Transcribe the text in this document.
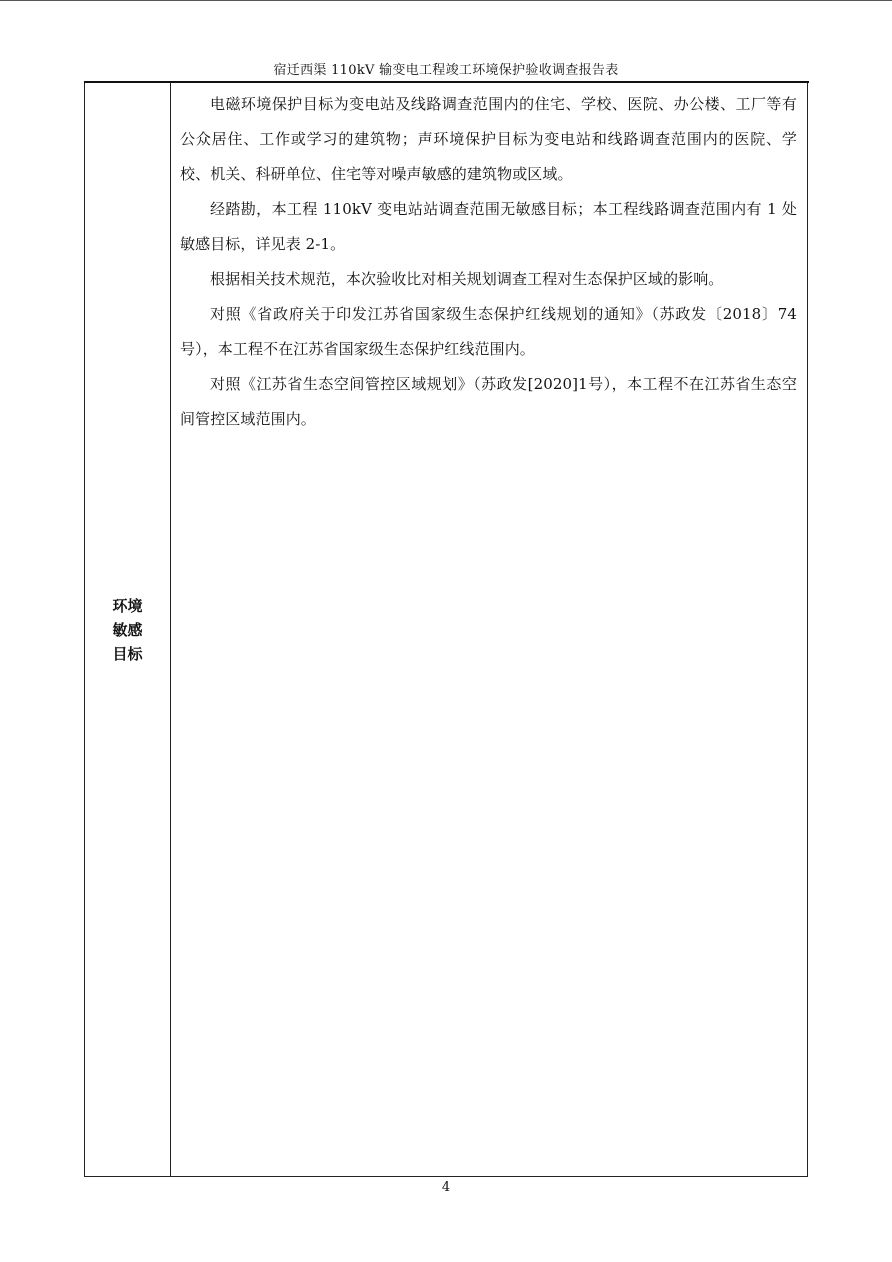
宿迁西渠 110kV 输变电工程竣工环境保护验收调查报告表
环境敏感目标

电磁环境保护目标为变电站及线路调查范围内的住宅、学校、医院、办公楼、工厂等有公众居住、工作或学习的建筑物；声环境保护目标为变电站和线路调查范围内的医院、学校、机关、科研单位、住宅等对噪声敏感的建筑物或区域。

经踏勘，本工程 110kV 变电站站调查范围无敏感目标；本工程线路调查范围内有 1 处敏感目标，详见表 2-1。

根据相关技术规范，本次验收比对相关规划调查工程对生态保护区域的影响。

对照《省政府关于印发江苏省国家级生态保护红线规划的通知》（苏政发〔2018〕74号），本工程不在江苏省国家级生态保护红线范围内。

对照《江苏省生态空间管控区域规划》（苏政发[2020]1号），本工程不在江苏省生态空间管控区域范围内。

4
